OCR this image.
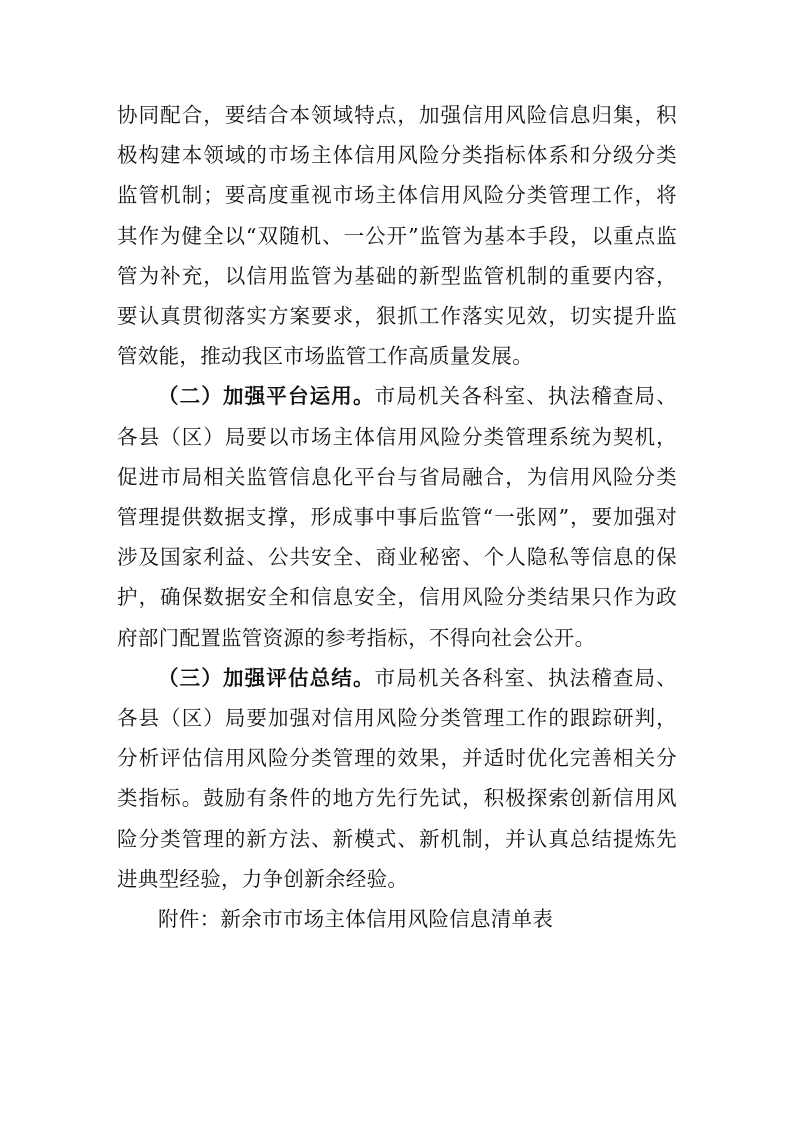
协同配合，要结合本领域特点，加强信用风险信息归集，积极构建本领域的市场主体信用风险分类指标体系和分级分类监管机制；要高度重视市场主体信用风险分类管理工作，将其作为健全以“双随机、一公开”监管为基本手段，以重点监管为补充，以信用监管为基础的新型监管机制的重要内容，要认真贯彻落实方案要求，狠抓工作落实见效，切实提升监管效能，推动我区市场监管工作高质量发展。

（二）加强平台运用。市局机关各科室、执法稽查局、各县（区）局要以市场主体信用风险分类管理系统为契机，促进市局相关监管信息化平台与省局融合，为信用风险分类管理提供数据支撑，形成事中事后监管“一张网”，要加强对涉及国家利益、公共安全、商业秘密、个人隐私等信息的保护，确保数据安全和信息安全，信用风险分类结果只作为政府部门配置监管资源的参考指标，不得向社会公开。

（三）加强评估总结。市局机关各科室、执法稽查局、各县（区）局要加强对信用风险分类管理工作的跟踪研判，分析评估信用风险分类管理的效果，并适时优化完善相关分类指标。鼓励有条件的地方先行先试，积极探索创新信用风险分类管理的新方法、新模式、新机制，并认真总结提炼先进典型经验，力争创新余经验。

附件：新余市市场主体信用风险信息清单表
